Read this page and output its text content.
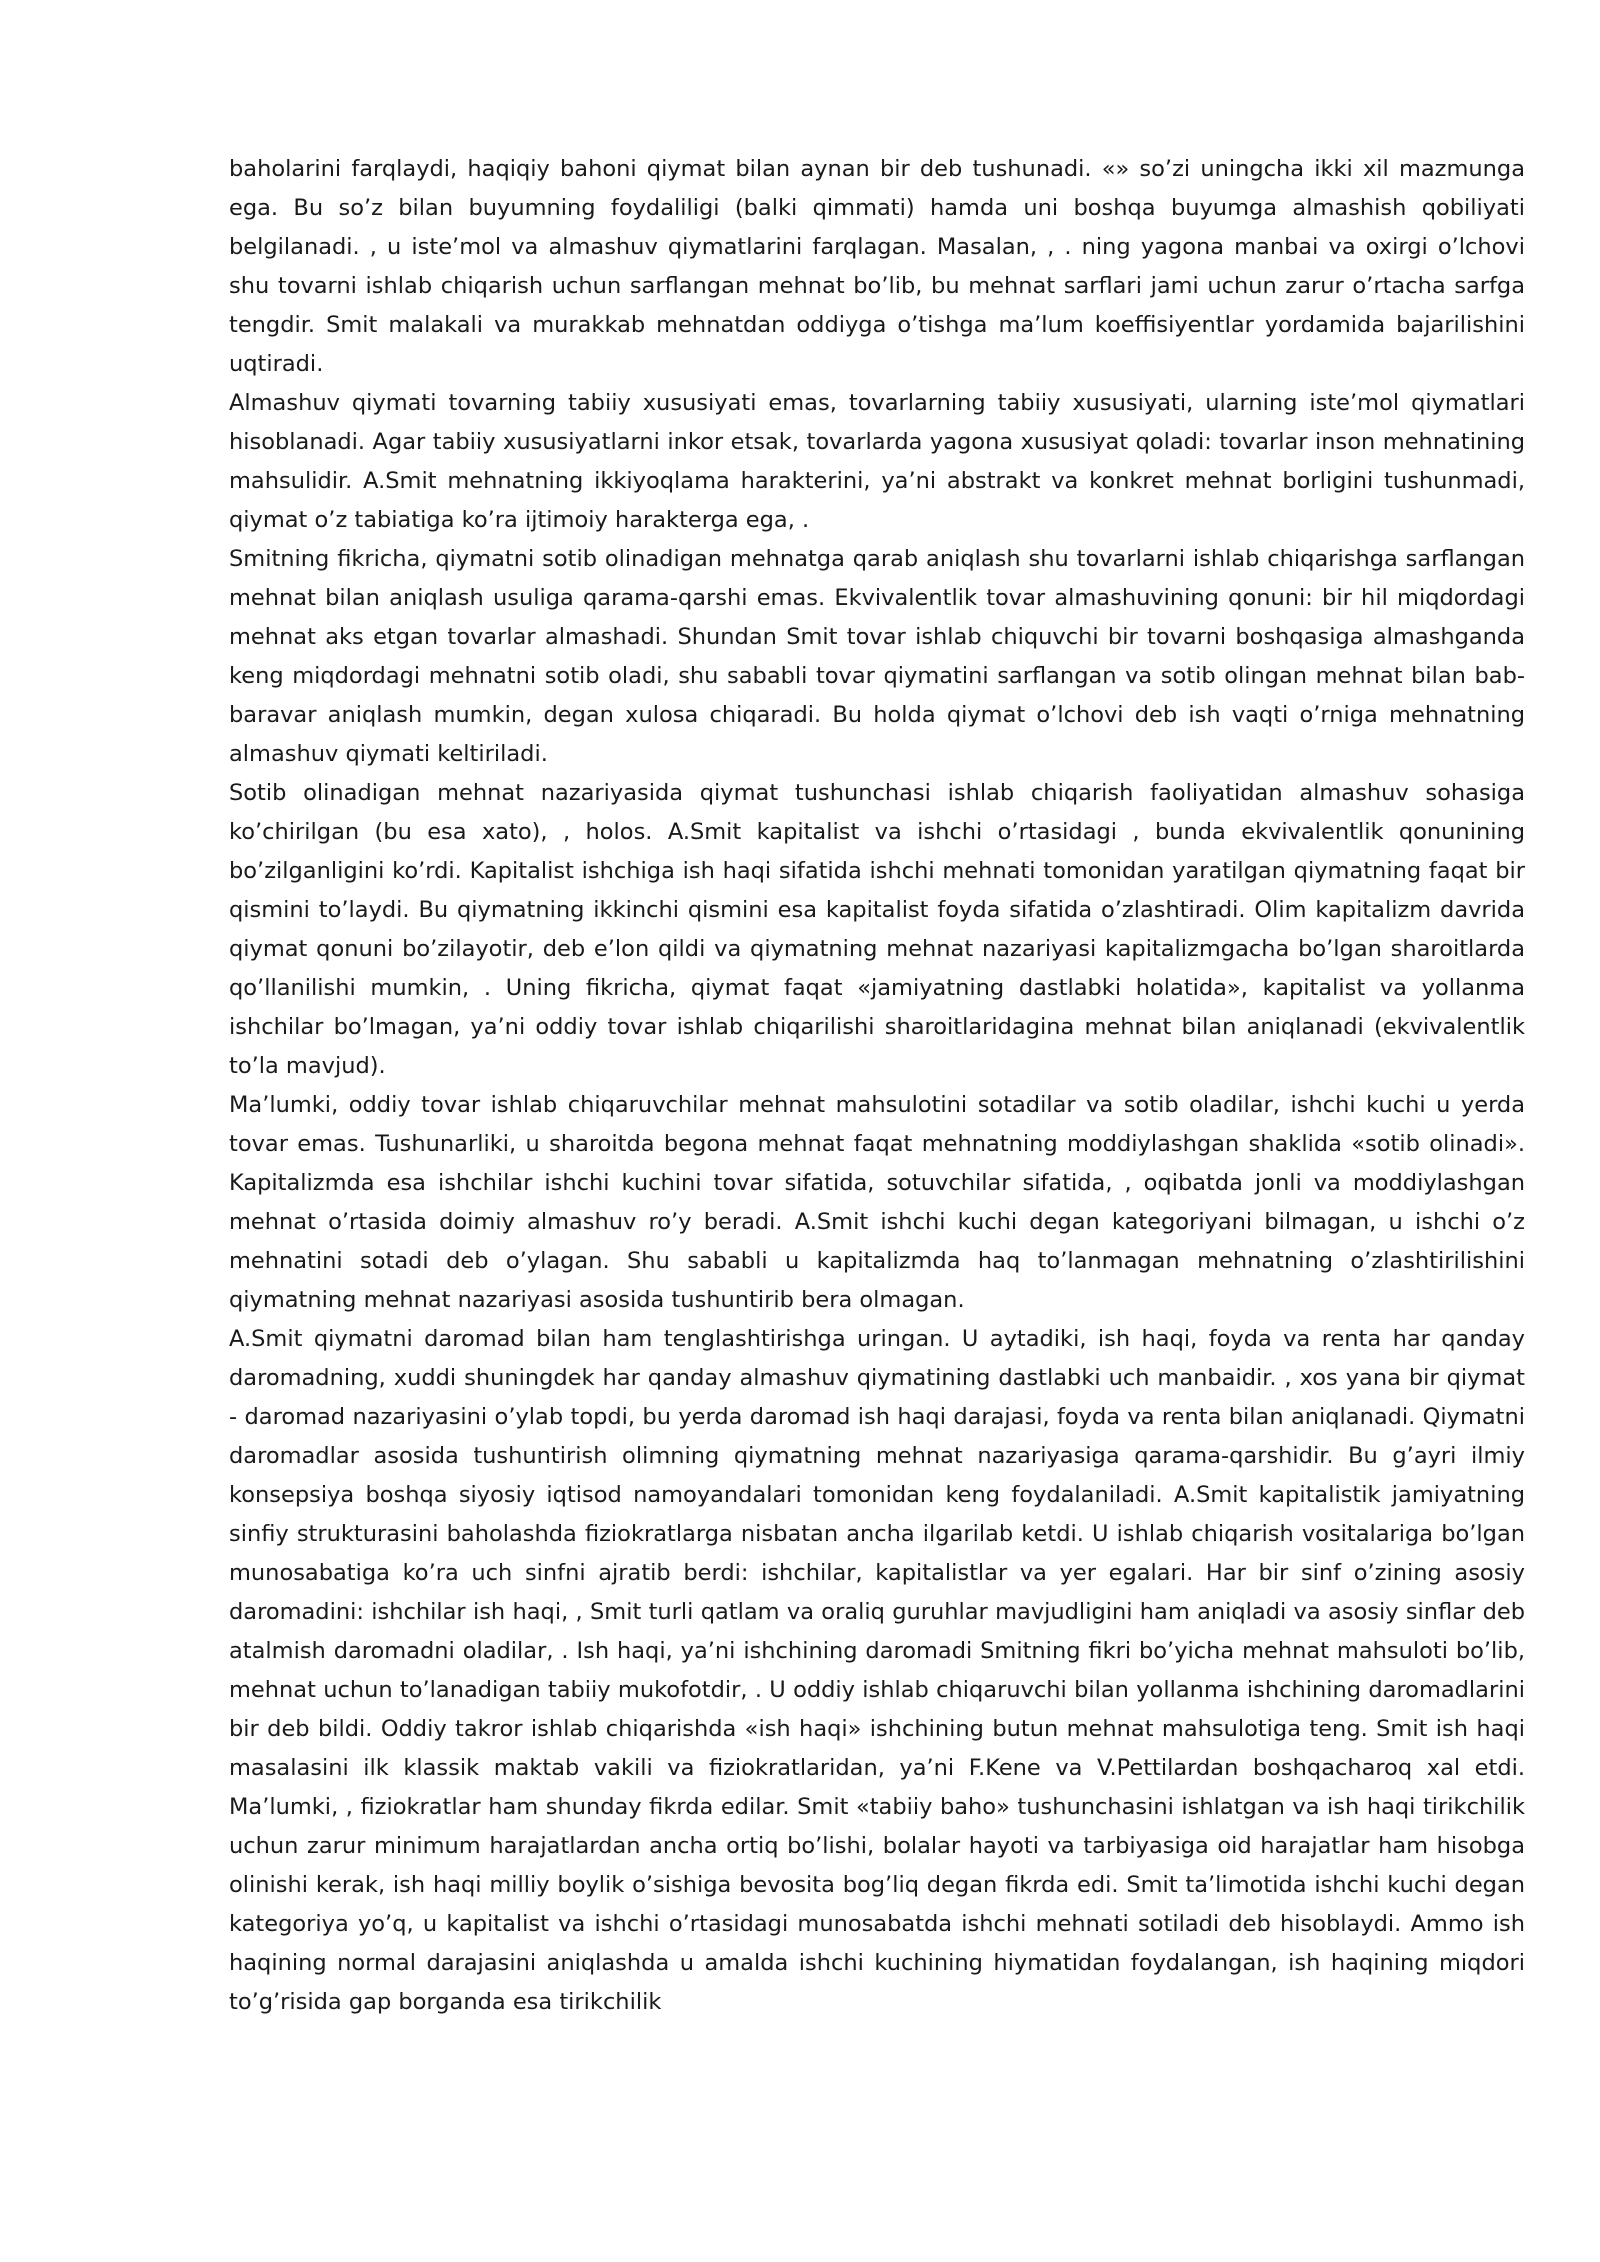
baholarini farqlaydi, haqiqiy bahoni qiymat bilan aynan bir deb tushunadi. «» so’zi uningcha ikki xil mazmunga ega. Bu so’z bilan buyumning foydaliligi (balki qimmati) hamda uni boshqa buyumga almashish qobiliyati belgilanadi. , u iste’mol va almashuv qiymatlarini farqlagan. Masalan, , . ning yagona manbai va oxirgi o’lchovi shu tovarni ishlab chiqarish uchun sarflangan mehnat bo’lib, bu mehnat sarflari jami uchun zarur o’rtacha sarfga tengdir. Smit malakali va murakkab mehnatdan oddiyga o’tishga ma’lum koeffisiyentlar yordamida bajarilishini uqtiradi.

Almashuv qiymati tovarning tabiiy xususiyati emas, tovarlarning tabiiy xususiyati, ularning iste’mol qiymatlari hisoblanadi. Agar tabiiy xususiyatlarni inkor etsak, tovarlarda yagona xususiyat qoladi: tovarlar inson mehnatining mahsulidir. A.Smit mehnatning ikkiyoqlama harakterini, ya’ni abstrakt va konkret mehnat borligini tushunmadi, qiymat o’z tabiatiga ko’ra ijtimoiy harakterga ega, .

Smitning fikricha, qiymatni sotib olinadigan mehnatga qarab aniqlash shu tovarlarni ishlab chiqarishga sarflangan mehnat bilan aniqlash usuliga qarama-qarshi emas. Ekvivalentlik tovar almashuvining qonuni: bir hil miqdordagi mehnat aks etgan tovarlar almashadi. Shundan Smit tovar ishlab chiquvchi bir tovarni boshqasiga almashganda keng miqdordagi mehnatni sotib oladi, shu sababli tovar qiymatini sarflangan va sotib olingan mehnat bilan bab-baravar aniqlash mumkin, degan xulosa chiqaradi. Bu holda qiymat o’lchovi deb ish vaqti o’rniga mehnatning almashuv qiymati keltiriladi.

Sotib olinadigan mehnat nazariyasida qiymat tushunchasi ishlab chiqarish faoliyatidan almashuv sohasiga ko’chirilgan (bu esa xato), , holos. A.Smit kapitalist va ishchi o’rtasidagi , bunda ekvivalentlik qonunining bo’zilganligini ko’rdi. Kapitalist ishchiga ish haqi sifatida ishchi mehnati tomonidan yaratilgan qiymatning faqat bir qismini to’laydi. Bu qiymatning ikkinchi qismini esa kapitalist foyda sifatida o’zlashtiradi. Olim kapitalizm davrida qiymat qonuni bo’zilayotir, deb e’lon qildi va qiymatning mehnat nazariyasi kapitalizmgacha bo’lgan sharoitlarda qo’llanilishi mumkin, . Uning fikricha, qiymat faqat «jamiyatning dastlabki holatida», kapitalist va yollanma ishchilar bo’lmagan, ya’ni oddiy tovar ishlab chiqarilishi sharoitlaridagina mehnat bilan aniqlanadi (ekvivalentlik to’la mavjud).

Ma’lumki, oddiy tovar ishlab chiqaruvchilar mehnat mahsulotini sotadilar va sotib oladilar, ishchi kuchi u yerda tovar emas. Tushunarliki, u sharoitda begona mehnat faqat mehnatning moddiylashgan shaklida «sotib olinadi». Kapitalizmda esa ishchilar ishchi kuchini tovar sifatida, sotuvchilar sifatida, , oqibatda jonli va moddiylashgan mehnat o’rtasida doimiy almashuv ro’y beradi. A.Smit ishchi kuchi degan kategoriyani bilmagan, u ishchi o’z mehnatini sotadi deb o’ylagan. Shu sababli u kapitalizmda haq to’lanmagan mehnatning o’zlashtirilishini qiymatning mehnat nazariyasi asosida tushuntirib bera olmagan.

A.Smit qiymatni daromad bilan ham tenglashtirishga uringan. U aytadiki, ish haqi, foyda va renta har qanday daromadning, xuddi shuningdek har qanday almashuv qiymatining dastlabki uch manbaidir. , xos yana bir qiymat - daromad nazariyasini o’ylab topdi, bu yerda daromad ish haqi darajasi, foyda va renta bilan aniqlanadi. Qiymatni daromadlar asosida tushuntirish olimning qiymatning mehnat nazariyasiga qarama-qarshidir. Bu g’ayri ilmiy konsepsiya boshqa siyosiy iqtisod namoyandalari tomonidan keng foydalaniladi. A.Smit kapitalistik jamiyatning sinfiy strukturasini baholashda fiziokratlarga nisbatan ancha ilgarilab ketdi. U ishlab chiqarish vositalariga bo’lgan munosabatiga ko’ra uch sinfni ajratib berdi: ishchilar, kapitalistlar va yer egalari. Har bir sinf o’zining asosiy daromadini: ishchilar ish haqi, , Smit turli qatlam va oraliq guruhlar mavjudligini ham aniqladi va asosiy sinflar deb atalmish daromadni oladilar, . Ish haqi, ya’ni ishchining daromadi Smitning fikri bo’yicha mehnat mahsuloti bo’lib, mehnat uchun to’lanadigan tabiiy mukofotdir, . U oddiy ishlab chiqaruvchi bilan yollanma ishchining daromadlarini bir deb bildi. Oddiy takror ishlab chiqarishda «ish haqi» ishchining butun mehnat mahsulotiga teng. Smit ish haqi masalasini ilk klassik maktab vakili va fiziokratlaridan, ya’ni F.Kene va V.Pettilardan boshqacharoq xal etdi. Ma’lumki, , fiziokratlar ham shunday fikrda edilar. Smit «tabiiy baho» tushunchasini ishlatgan va ish haqi tirikchilik uchun zarur minimum harajatlardan ancha ortiq bo’lishi, bolalar hayoti va tarbiyasiga oid harajatlar ham hisobga olinishi kerak, ish haqi milliy boylik o’sishiga bevosita bog’liq degan fikrda edi. Smit ta’limotida ishchi kuchi degan kategoriya yo’q, u kapitalist va ishchi o’rtasidagi munosabatda ishchi mehnati sotiladi deb hisoblaydi. Ammo ish haqining normal darajasini aniqlashda u amalda ishchi kuchining hiymatidan foydalangan, ish haqining miqdori to’g’risida gap borganda esa tirikchilik
